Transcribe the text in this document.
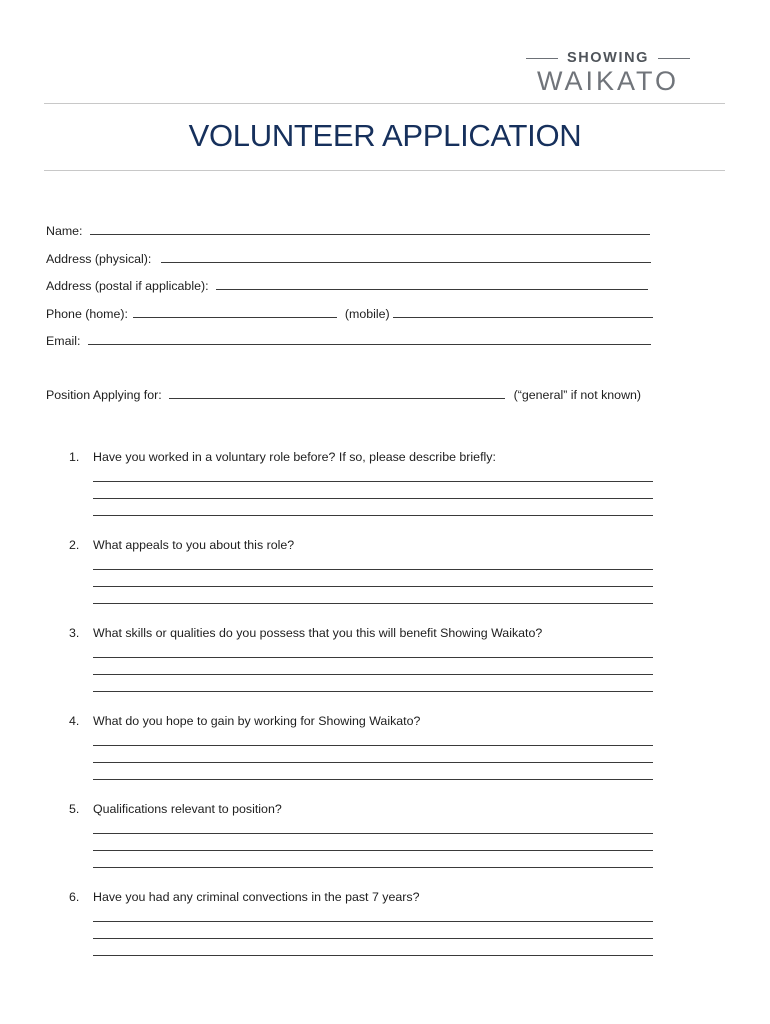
SHOWING
WAIKATO
VOLUNTEER APPLICATION
Name:
Address (physical):
Address (postal if applicable):
Phone (home):	(mobile)
Email:
Position Applying for:	(“general” if not known)
1. Have you worked in a voluntary role before? If so, please describe briefly:
2. What appeals to you about this role?
3. What skills or qualities do you possess that you this will benefit Showing Waikato?
4. What do you hope to gain by working for Showing Waikato?
5. Qualifications relevant to position?
6. Have you had any criminal convections in the past 7 years?
